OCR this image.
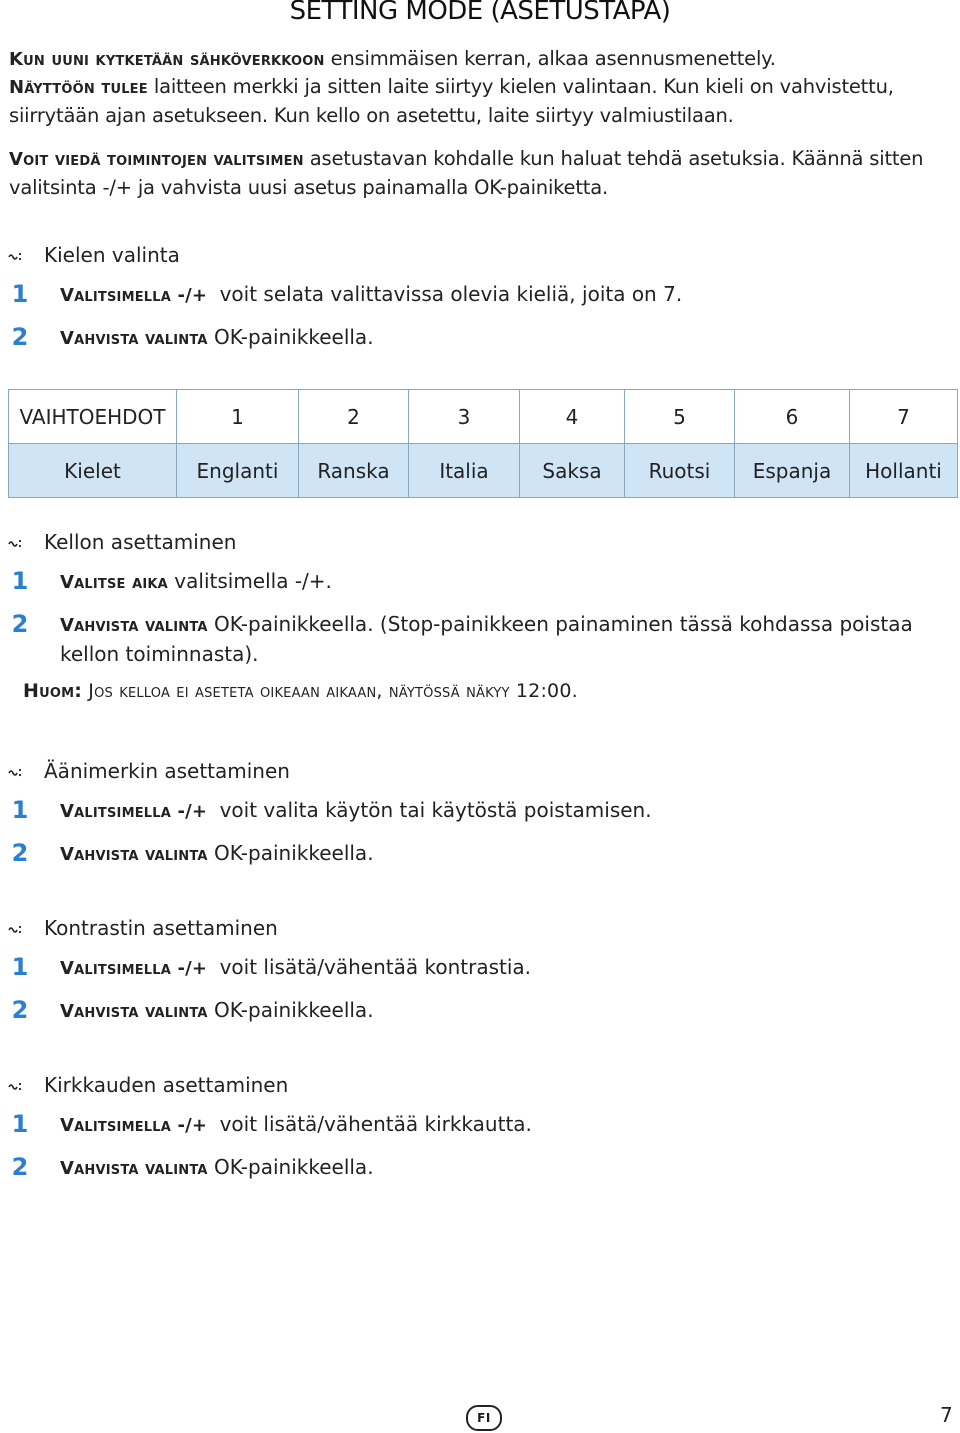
SETTING MODE (ASETUSTAPA)
Kun uuni kytketään sähköverkkoon ensimmäisen kerran, alkaa asennusmenettely.
Näyttöön tulee laitteen merkki ja sitten laite siirtyy kielen valintaan. Kun kieli on vahvistettu, siirrytään ajan asetukseen. Kun kello on asetettu, laite siirtyy valmiustilaan.
Voit viedä toimintojen valitsimen asetustavan kohdalle kun haluat tehdä asetuksia. Käännä sitten valitsinta -/+ ja vahvista uusi asetus painamalla OK-painiketta.
Kielen valinta
1 Valitsimella -/+ voit selata valittavissa olevia kieliä, joita on 7.
2 Vahvista valinta OK-painikkeella.
VAIHTOEHDOT	1	2	3	4	5	6	7
Kielet	Englanti	Ranska	Italia	Saksa	Ruotsi	Espanja	Hollanti
Kellon asettaminen
1 Valitse aika valitsimella -/+.
2 Vahvista valinta OK-painikkeella. (Stop-painikkeen painaminen tässä kohdassa poistaa kellon toiminnasta).
Huom: Jos kelloa ei aseteta oikeaan aikaan, näytössä näkyy 12:00.
Äänimerkin asettaminen
1 Valitsimella -/+ voit valita käytön tai käytöstä poistamisen.
2 Vahvista valinta OK-painikkeella.
Kontrastin asettaminen
1 Valitsimella -/+ voit lisätä/vähentää kontrastia.
2 Vahvista valinta OK-painikkeella.
Kirkkauden asettaminen
1 Valitsimella -/+ voit lisätä/vähentää kirkkautta.
2 Vahvista valinta OK-painikkeella.
FI	7
